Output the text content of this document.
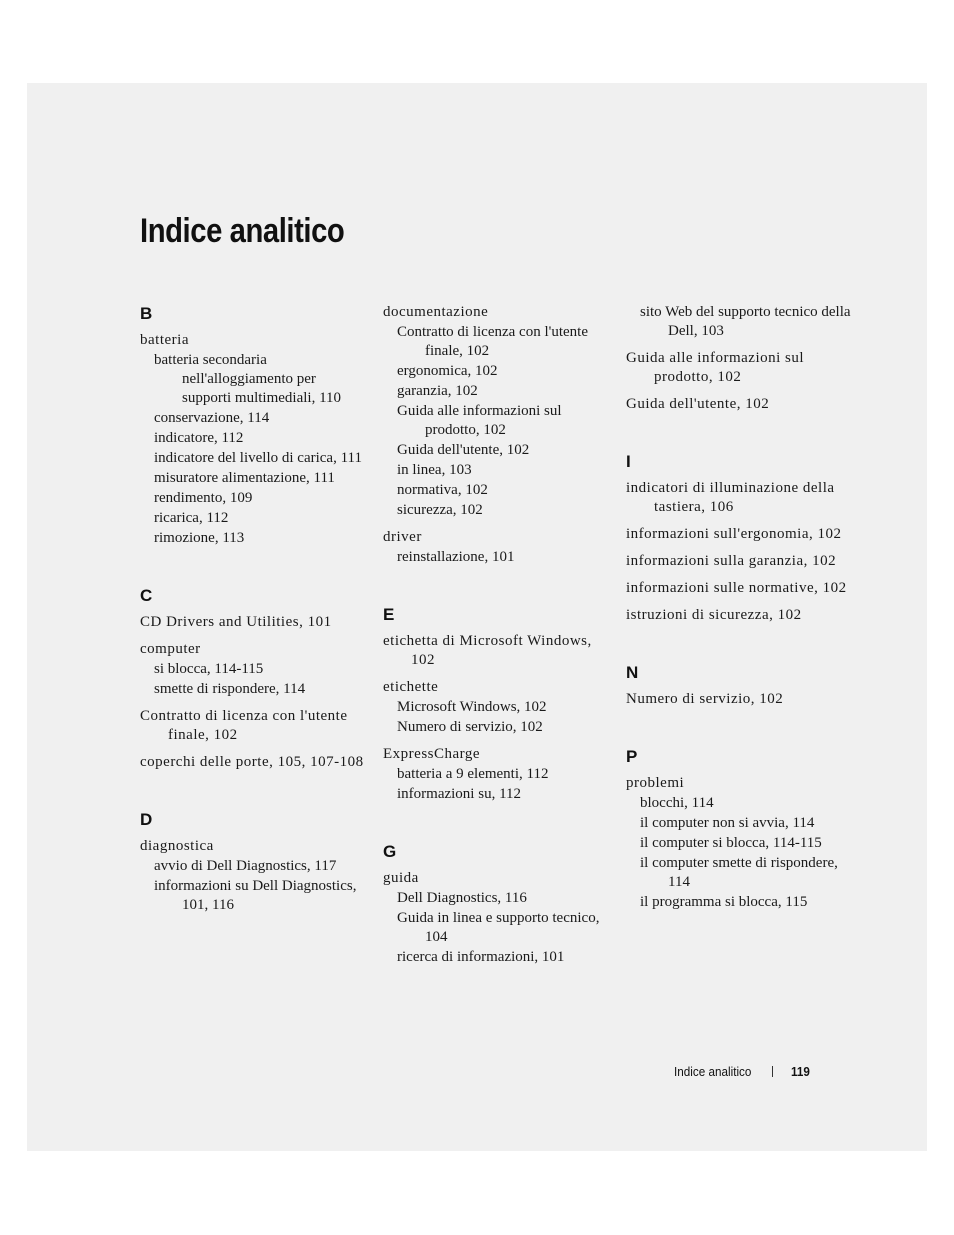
Indice analitico
B
batteria
batteria secondaria nell'alloggiamento per supporti multimediali, 110
conservazione, 114
indicatore, 112
indicatore del livello di carica, 111
misuratore alimentazione, 111
rendimento, 109
ricarica, 112
rimozione, 113
C
CD Drivers and Utilities, 101
computer
si blocca, 114-115
smette di rispondere, 114
Contratto di licenza con l'utente finale, 102
coperchi delle porte, 105, 107-108
D
diagnostica
avvio di Dell Diagnostics, 117
informazioni su Dell Diagnostics, 101, 116
documentazione
Contratto di licenza con l'utente finale, 102
ergonomica, 102
garanzia, 102
Guida alle informazioni sul prodotto, 102
Guida dell'utente, 102
in linea, 103
normativa, 102
sicurezza, 102
driver
reinstallazione, 101
E
etichetta di Microsoft Windows, 102
etichette
Microsoft Windows, 102
Numero di servizio, 102
ExpressCharge
batteria a 9 elementi, 112
informazioni su, 112
G
guida
Dell Diagnostics, 116
Guida in linea e supporto tecnico, 104
ricerca di informazioni, 101
sito Web del supporto tecnico della Dell, 103
Guida alle informazioni sul prodotto, 102
Guida dell'utente, 102
I
indicatori di illuminazione della tastiera, 106
informazioni sull'ergonomia, 102
informazioni sulla garanzia, 102
informazioni sulle normative, 102
istruzioni di sicurezza, 102
N
Numero di servizio, 102
P
problemi
blocchi, 114
il computer non si avvia, 114
il computer si blocca, 114-115
il computer smette di rispondere, 114
il programma si blocca, 115
Indice analitico	119
